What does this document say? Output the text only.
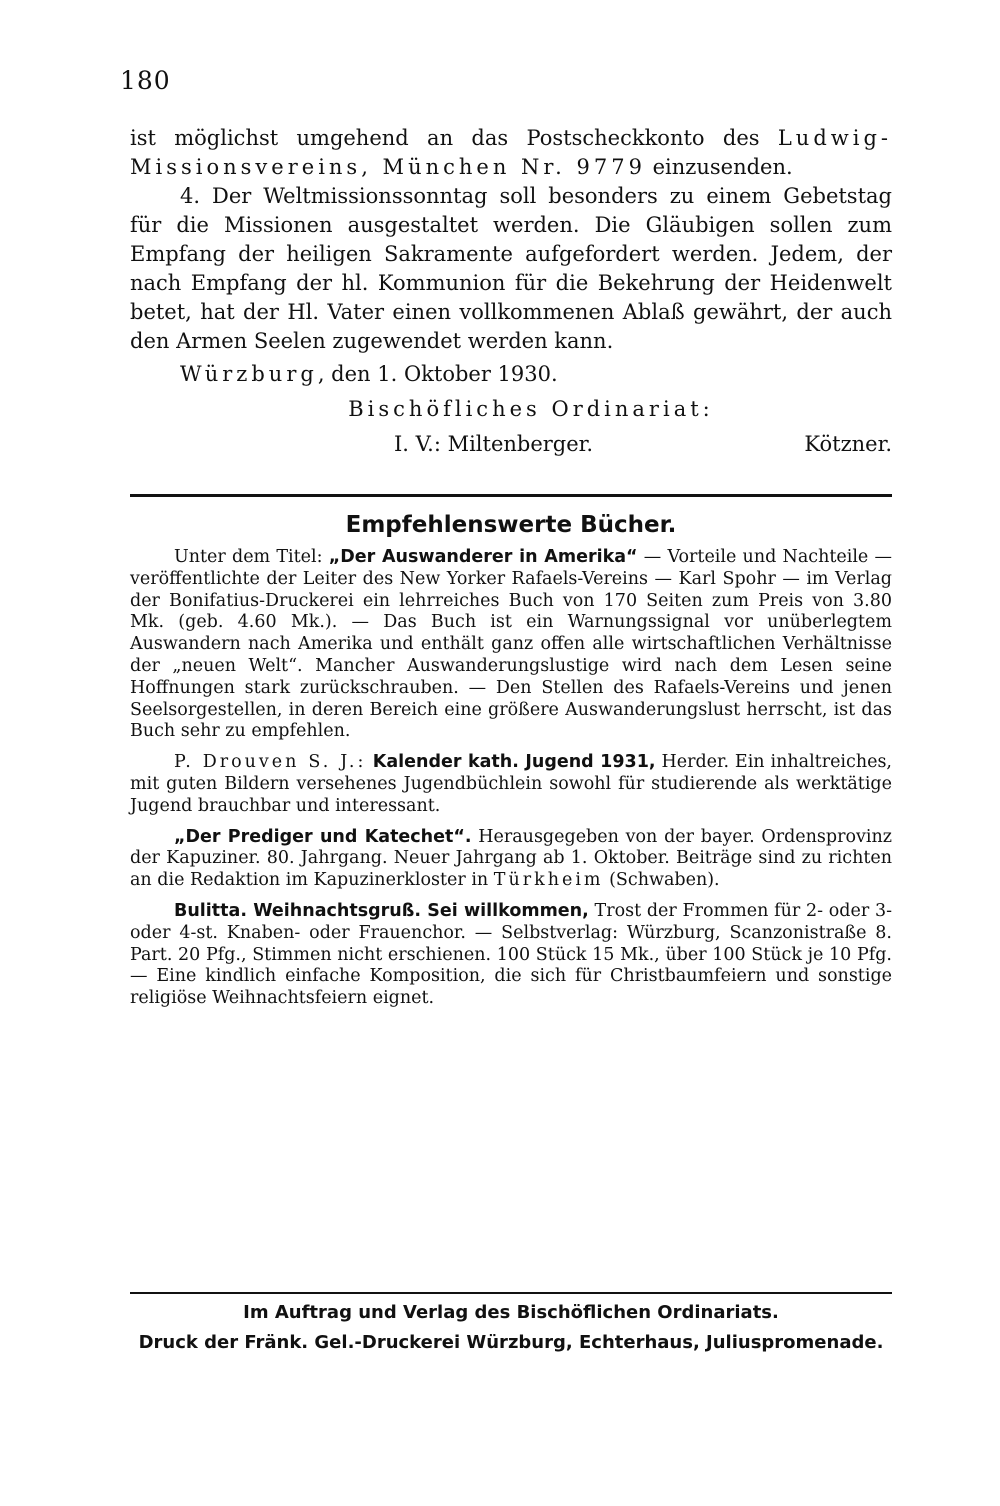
180

ist möglichst umgehend an das Postscheckkonto des Ludwig-Missionsvereins, München Nr. 9779 einzusenden.

4. Der Weltmissionssonntag soll besonders zu einem Gebetstag für die Missionen ausgestaltet werden. Die Gläubigen sollen zum Empfang der heiligen Sakramente aufgefordert werden. Jedem, der nach Empfang der hl. Kommunion für die Bekehrung der Heidenwelt betet, hat der Hl. Vater einen vollkommenen Ablaß gewährt, der auch den Armen Seelen zugewendet werden kann.

Würzburg, den 1. Oktober 1930.

Bischöfliches Ordinariat:

I. V.: Miltenberger.	Kötzner.

Empfehlenswerte Bücher.

Unter dem Titel: „Der Auswanderer in Amerika“ — Vorteile und Nachteile — veröffentlichte der Leiter des New Yorker Rafaels-Vereins — Karl Spohr — im Verlag der Bonifatius-Druckerei ein lehrreiches Buch von 170 Seiten zum Preis von 3.80 Mk. (geb. 4.60 Mk.). — Das Buch ist ein Warnungssignal vor unüberlegtem Auswandern nach Amerika und enthält ganz offen alle wirtschaftlichen Verhältnisse der „neuen Welt“. Mancher Auswanderungslustige wird nach dem Lesen seine Hoffnungen stark zurückschrauben. — Den Stellen des Rafaels-Vereins und jenen Seelsorgestellen, in deren Bereich eine größere Auswanderungslust herrscht, ist das Buch sehr zu empfehlen.

P. Drouven S. J.: Kalender kath. Jugend 1931, Herder. Ein inhaltreiches, mit guten Bildern versehenes Jugendbüchlein sowohl für studierende als werktätige Jugend brauchbar und interessant.

„Der Prediger und Katechet“. Herausgegeben von der bayer. Ordensprovinz der Kapuziner. 80. Jahrgang. Neuer Jahrgang ab 1. Oktober. Beiträge sind zu richten an die Redaktion im Kapuzinerkloster in Türkheim (Schwaben).

Bulitta. Weihnachtsgruß. Sei willkommen, Trost der Frommen für 2- oder 3- oder 4-st. Knaben- oder Frauenchor. — Selbstverlag: Würzburg, Scanzonistraße 8. Part. 20 Pfg., Stimmen nicht erschienen. 100 Stück 15 Mk., über 100 Stück je 10 Pfg. — Eine kindlich einfache Komposition, die sich für Christbaumfeiern und sonstige religiöse Weihnachtsfeiern eignet.

Im Auftrag und Verlag des Bischöflichen Ordinariats.
Druck der Fränk. Gel.-Druckerei Würzburg, Echterhaus, Juliuspromenade.
